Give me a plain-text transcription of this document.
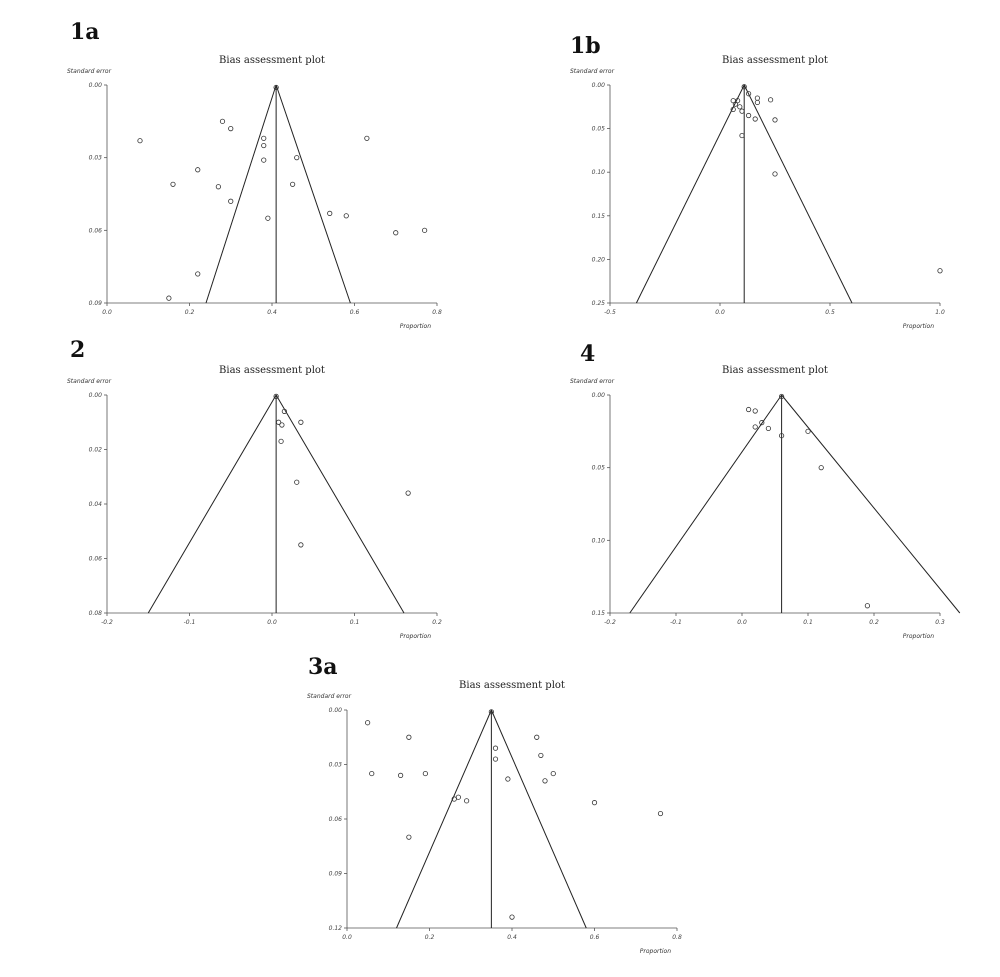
1a
Bias assessment plot
Standard error
Proportion
0.0	0.2	0.4	0.6	0.8
0.00
0.03
0.06
0.09
1b
Bias assessment plot
Standard error
Proportion
-0.5	0.0	0.5	1.0
0.00
0.05
0.10
0.15
0.20
0.25
2
Bias assessment plot
Standard error
Proportion
-0.2	-0.1	0.0	0.1	0.2
0.00
0.02
0.04
0.06
0.08
4
Bias assessment plot
Standard error
Proportion
-0.2	-0.1	0.0	0.1	0.2	0.3
0.00
0.05
0.10
0.15
3a
Bias assessment plot
Standard error
Proportion
0.0	0.2	0.4	0.6	0.8
0.00
0.03
0.06
0.09
0.12
